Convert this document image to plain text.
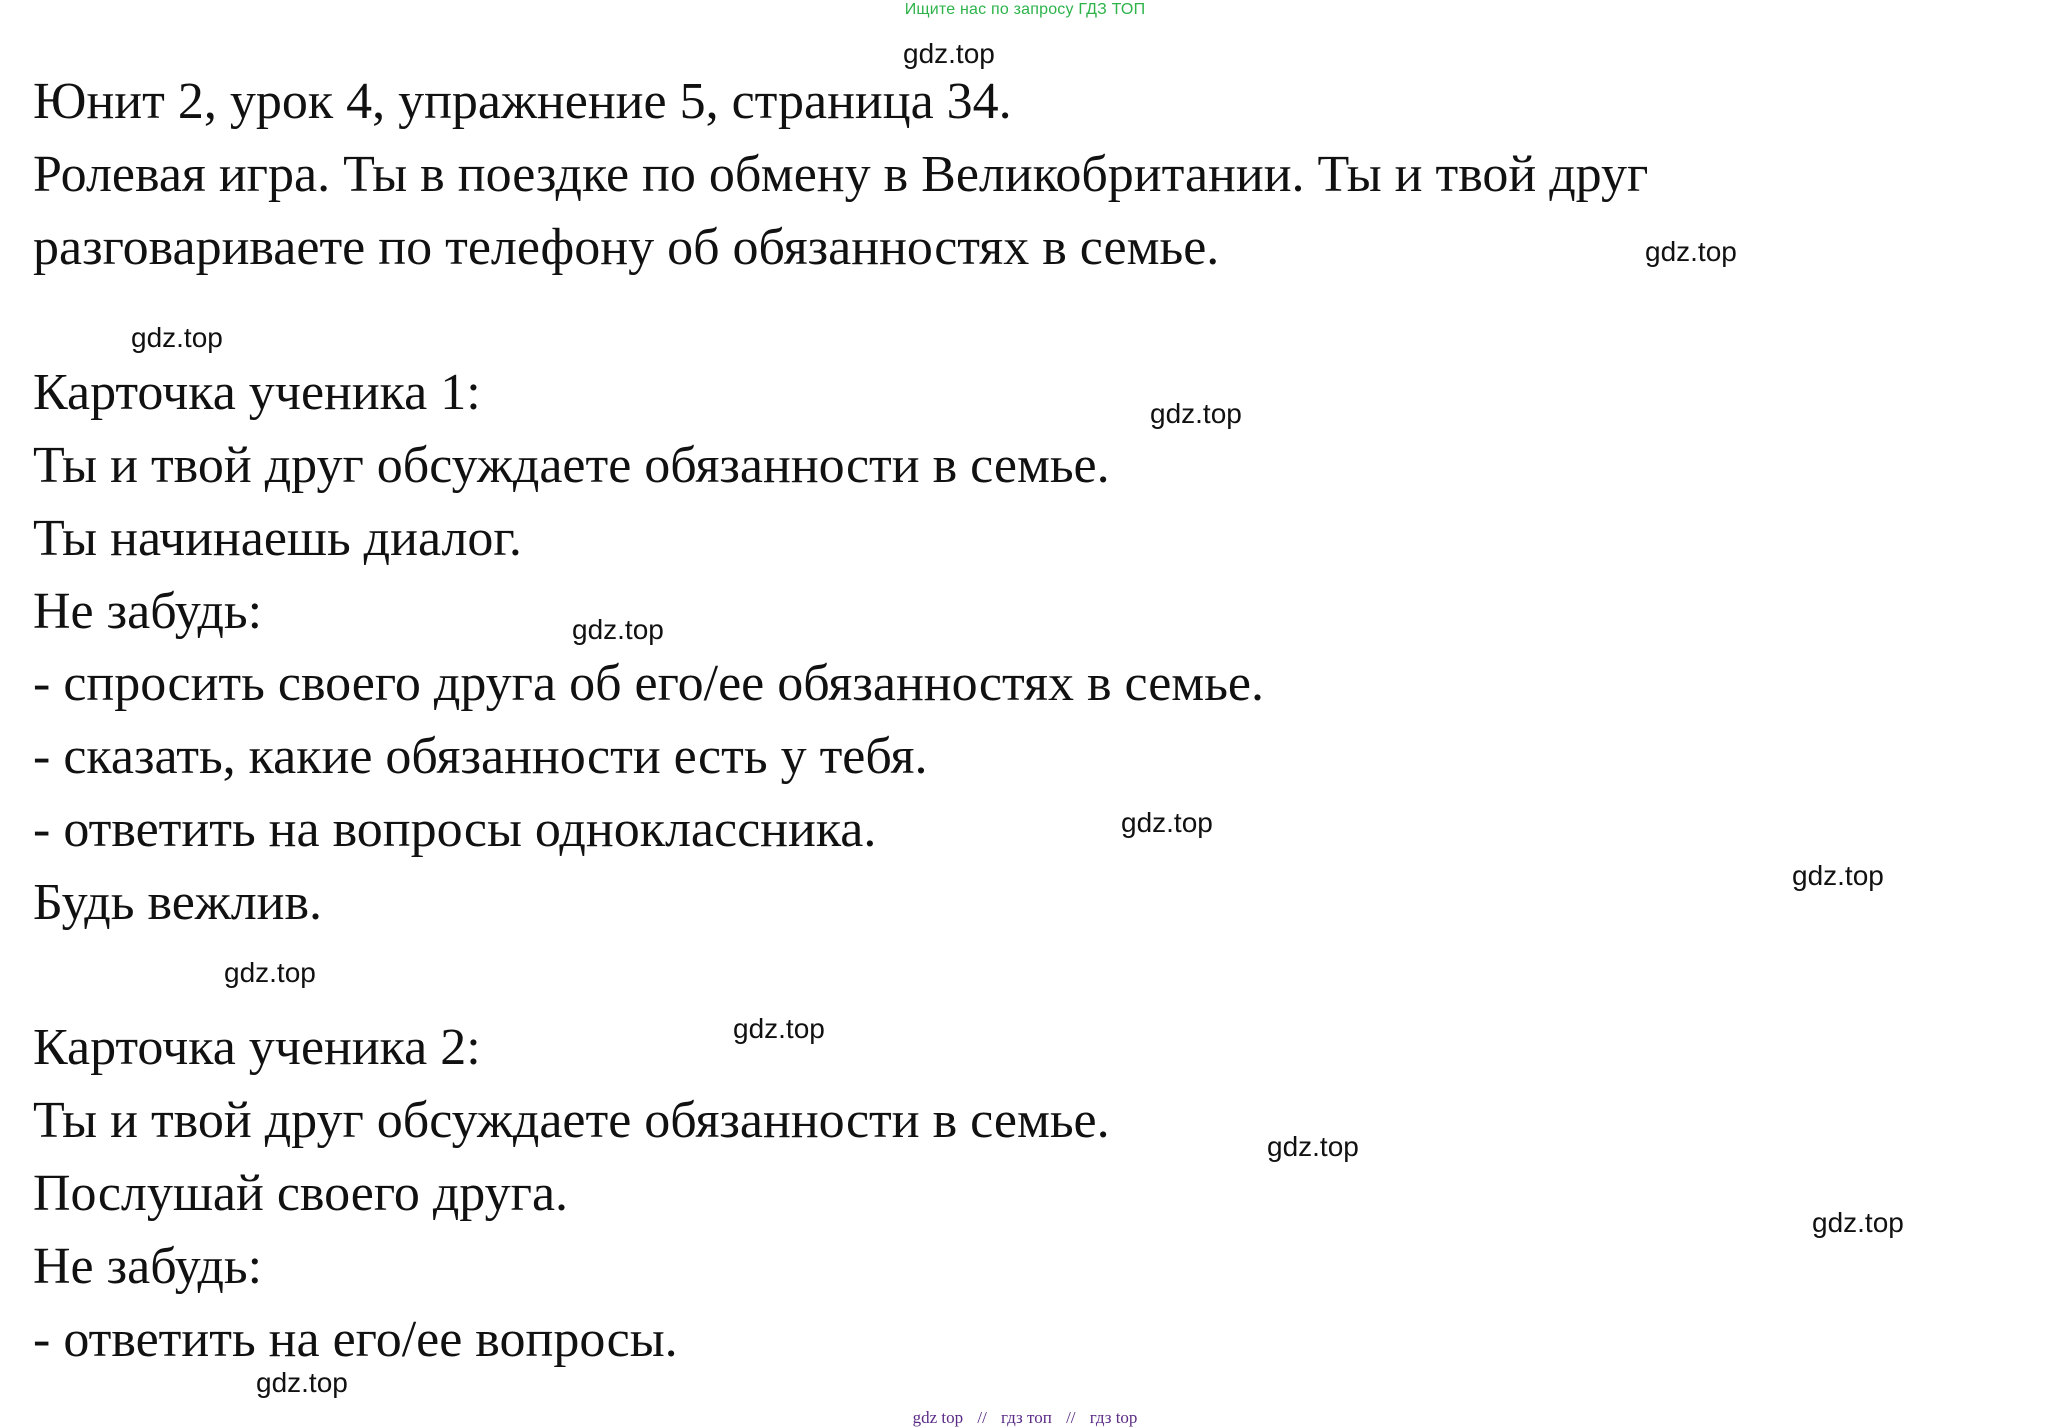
Ищите нас по запросу ГДЗ ТОП
Юнит 2, урок 4, упражнение 5, страница 34.
Ролевая игра. Ты в поездке по обмену в Великобритании. Ты и твой друг
разговариваете по телефону об обязанностях в семье.
Карточка ученика 1:
Ты и твой друг обсуждаете обязанности в семье.
Ты начинаешь диалог.
Не забудь:
- спросить своего друга об его/ее обязанностях в семье.
- сказать, какие обязанности есть у тебя.
- ответить на вопросы одноклассника.
Будь вежлив.
Карточка ученика 2:
Ты и твой друг обсуждаете обязанности в семье.
Послушай своего друга.
Не забудь:
- ответить на его/ее вопросы.
gdz.top
gdz.top
gdz.top
gdz.top
gdz.top
gdz.top
gdz.top
gdz.top
gdz.top
gdz.top
gdz.top
gdz.top
gdz top // гдз топ // гдз top
